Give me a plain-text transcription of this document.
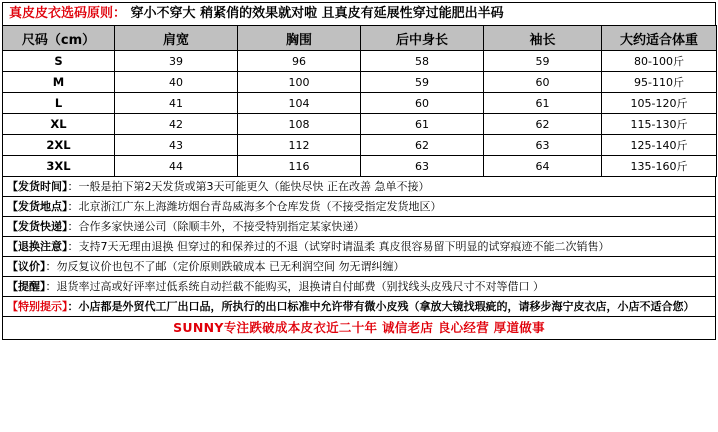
真皮皮衣选码原则： 穿小不穿大 稍紧俏的效果就对啦 且真皮有延展性穿过能肥出半码
尺码（cm）	肩宽	胸围	后中身长	袖长	大约适合体重
S	39	96	58	59	80-100斤
M	40	100	59	60	95-110斤
L	41	104	60	61	105-120斤
XL	42	108	61	62	115-130斤
2XL	43	112	62	63	125-140斤
3XL	44	116	63	64	135-160斤
【发货时间】：一般是拍下第2天发货或第3天可能更久（能快尽快 正在改善 急单不接）
【发货地点】：北京浙江广东上海潍坊烟台青岛威海多个仓库发货（不接受指定发货地区）
【发货快递】：合作多家快递公司（除顺丰外，不接受特别指定某家快递）
【退换注意】：支持7天无理由退换 但穿过的和保养过的不退（试穿时请温柔 真皮很容易留下明显的试穿痕迹不能二次销售）
【议价】：勿反复议价也包不了邮（定价原则跌破成本 已无利润空间 勿无谓纠缠）
【提醒】：退货率过高或好评率过低系统自动拦截不能购买，退换请自付邮费（别找线头皮残尺寸不对等借口 ）
【特别提示】：小店都是外贸代工厂出口品，所执行的出口标准中允许带有微小皮残（拿放大镜找瑕疵的，请移步海宁皮衣店，小店不适合您）
SUNNY专注跌破成本皮衣近二十年 诚信老店 良心经营 厚道做事
